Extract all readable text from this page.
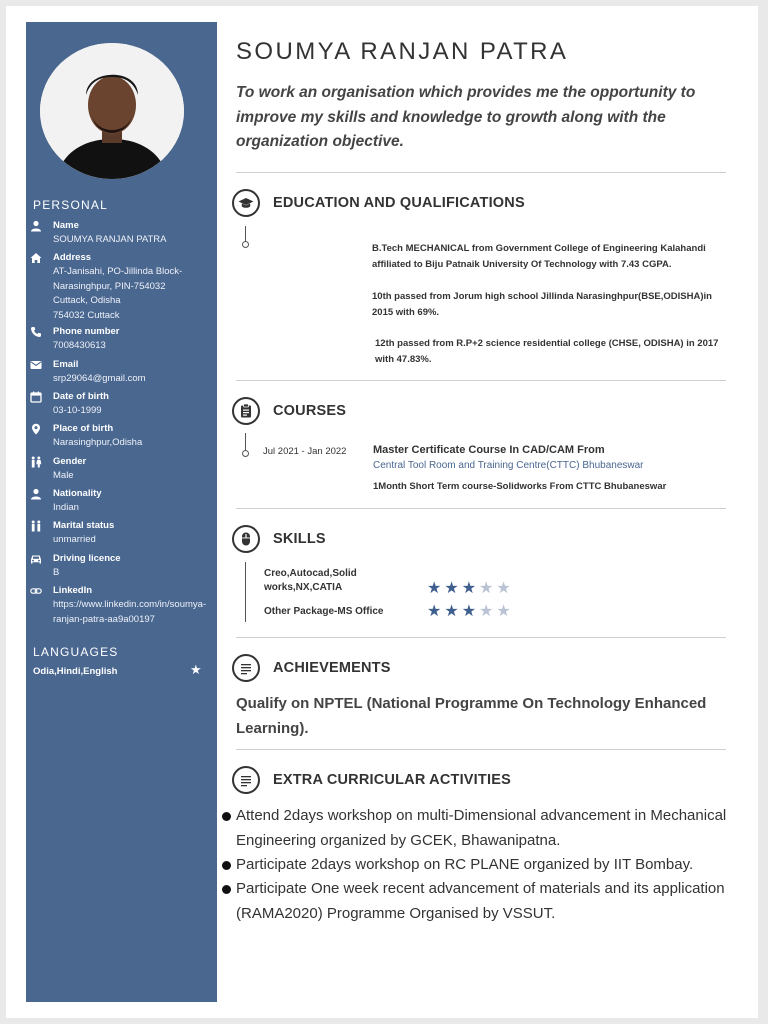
PERSONAL
Name
SOUMYA RANJAN PATRA
Address
AT-Janisahi, PO-Jillinda Block-
Narasinghpur, PIN-754032
Cuttack, Odisha
754032 Cuttack
Phone number
7008430613
Email
srp29064@gmail.com
Date of birth
03-10-1999
Place of birth
Narasinghpur,Odisha
Gender
Male
Nationality
Indian
Marital status
unmarried
Driving licence
B
LinkedIn
https://www.linkedin.com/in/soumya-
ranjan-patra-aa9a00197
LANGUAGES
Odia,Hindi,English	★
SOUMYA RANJAN PATRA
To work an organisation which provides me the opportunity to improve my skills and knowledge to growth along with the organization objective.
EDUCATION AND QUALIFICATIONS
B.Tech MECHANICAL from Government College of Engineering Kalahandi affiliated to Biju Patnaik University Of Technology with 7.43 CGPA.
10th passed from Jorum high school Jillinda Narasinghpur(BSE,ODISHA)in 2015 with 69%.
12th passed from R.P+2 science residential college (CHSE, ODISHA) in 2017 with 47.83%.
COURSES
Jul 2021 - Jan 2022 Master Certificate Course In CAD/CAM From
Central Tool Room and Training Centre(CTTC) Bhubaneswar
1Month Short Term course-Solidworks From CTTC Bhubaneswar
SKILLS
Creo,Autocad,Solid works,NX,CATIA	★★★★★
Other Package-MS Office	★★★★★
ACHIEVEMENTS
Qualify on NPTEL (National Programme On Technology Enhanced Learning).
EXTRA CURRICULAR ACTIVITIES
Attend 2days workshop on multi-Dimensional advancement in Mechanical Engineering organized by GCEK, Bhawanipatna.
Participate 2days workshop on RC PLANE organized by IIT Bombay.
Participate One week recent advancement of materials and its application (RAMA2020) Programme Organised by VSSUT.
